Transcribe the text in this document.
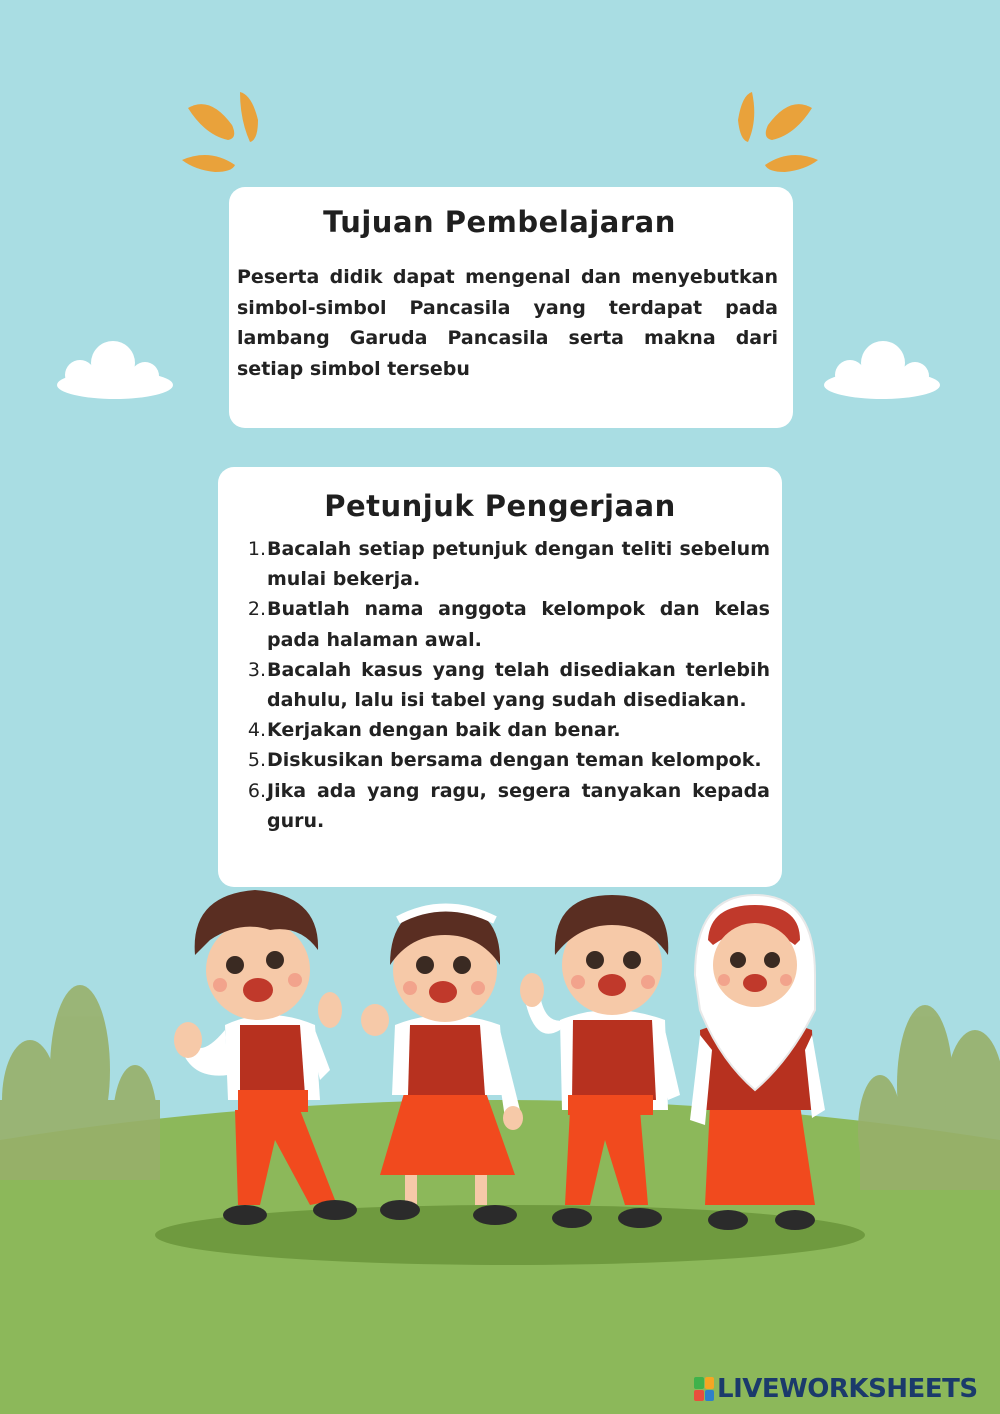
Tujuan Pembelajaran

Peserta didik dapat mengenal dan menyebutkan simbol-simbol Pancasila yang terdapat pada lambang Garuda Pancasila serta makna dari setiap simbol tersebu

Petunjuk Pengerjaan
1. Bacalah setiap petunjuk dengan teliti sebelum mulai bekerja.
2. Buatlah nama anggota kelompok dan kelas pada halaman awal.
3. Bacalah kasus yang telah disediakan terlebih dahulu, lalu isi tabel yang sudah disediakan.
4. Kerjakan dengan baik dan benar.
5. Diskusikan bersama dengan teman kelompok.
6. Jika ada yang ragu, segera tanyakan kepada guru.
LIVEWORKSHEETS
